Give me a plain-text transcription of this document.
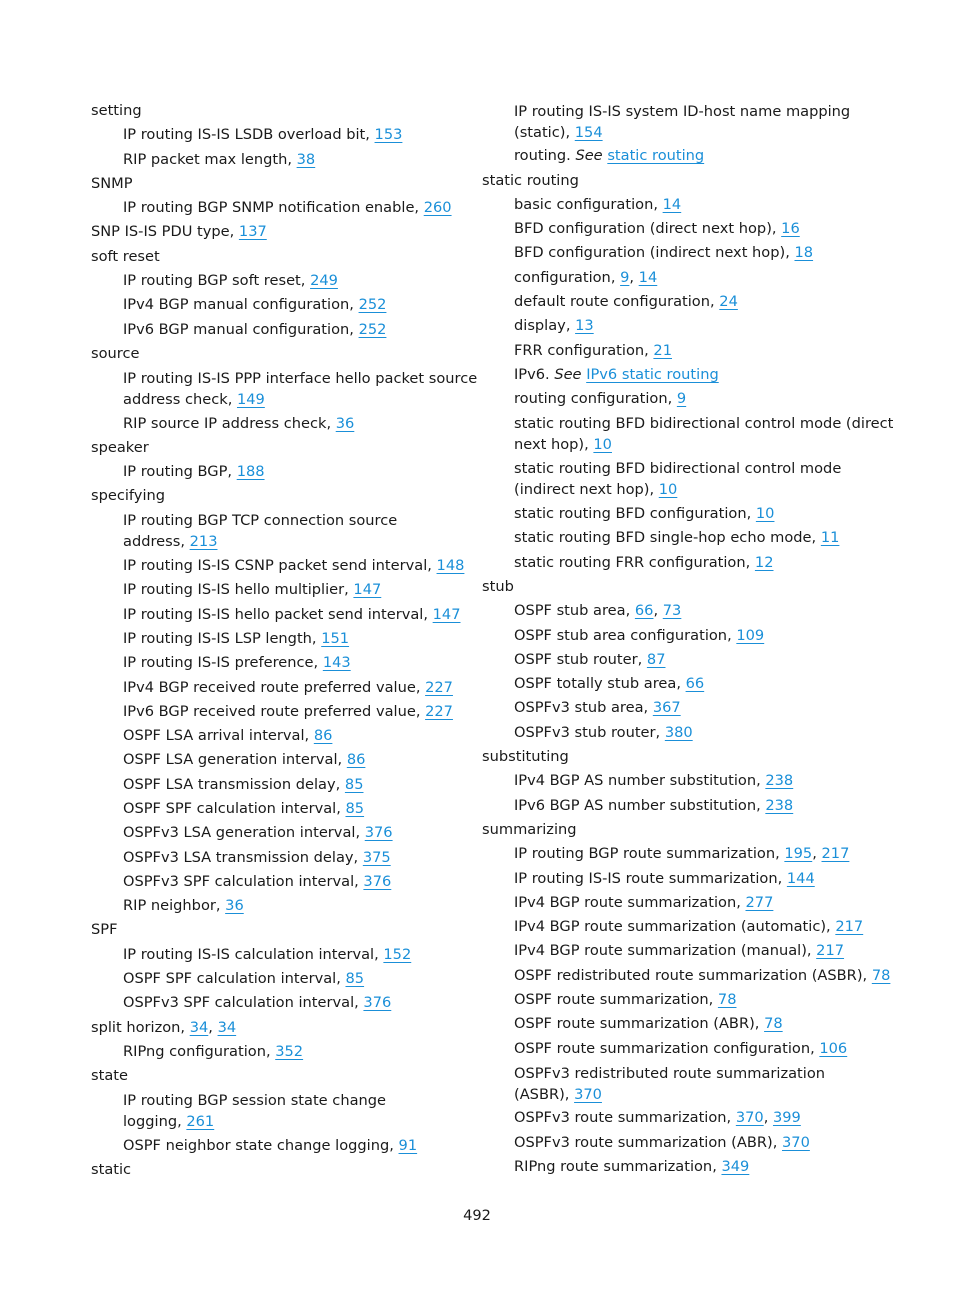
setting
IP routing IS-IS LSDB overload bit, 153
RIP packet max length, 38
SNMP
IP routing BGP SNMP notification enable, 260
SNP IS-IS PDU type, 137
soft reset
IP routing BGP soft reset, 249
IPv4 BGP manual configuration, 252
IPv6 BGP manual configuration, 252
source
IP routing IS-IS PPP interface hello packet source
address check, 149
RIP source IP address check, 36
speaker
IP routing BGP, 188
specifying
IP routing BGP TCP connection source
address, 213
IP routing IS-IS CSNP packet send interval, 148
IP routing IS-IS hello multiplier, 147
IP routing IS-IS hello packet send interval, 147
IP routing IS-IS LSP length, 151
IP routing IS-IS preference, 143
IPv4 BGP received route preferred value, 227
IPv6 BGP received route preferred value, 227
OSPF LSA arrival interval, 86
OSPF LSA generation interval, 86
OSPF LSA transmission delay, 85
OSPF SPF calculation interval, 85
OSPFv3 LSA generation interval, 376
OSPFv3 LSA transmission delay, 375
OSPFv3 SPF calculation interval, 376
RIP neighbor, 36
SPF
IP routing IS-IS calculation interval, 152
OSPF SPF calculation interval, 85
OSPFv3 SPF calculation interval, 376
split horizon, 34, 34
RIPng configuration, 352
state
IP routing BGP session state change
logging, 261
OSPF neighbor state change logging, 91
static
IP routing IS-IS system ID-host name mapping
(static), 154
routing. See static routing
static routing
basic configuration, 14
BFD configuration (direct next hop), 16
BFD configuration (indirect next hop), 18
configuration, 9, 14
default route configuration, 24
display, 13
FRR configuration, 21
IPv6. See IPv6 static routing
routing configuration, 9
static routing BFD bidirectional control mode (direct
next hop), 10
static routing BFD bidirectional control mode
(indirect next hop), 10
static routing BFD configuration, 10
static routing BFD single-hop echo mode, 11
static routing FRR configuration, 12
stub
OSPF stub area, 66, 73
OSPF stub area configuration, 109
OSPF stub router, 87
OSPF totally stub area, 66
OSPFv3 stub area, 367
OSPFv3 stub router, 380
substituting
IPv4 BGP AS number substitution, 238
IPv6 BGP AS number substitution, 238
summarizing
IP routing BGP route summarization, 195, 217
IP routing IS-IS route summarization, 144
IPv4 BGP route summarization, 277
IPv4 BGP route summarization (automatic), 217
IPv4 BGP route summarization (manual), 217
OSPF redistributed route summarization (ASBR), 78
OSPF route summarization, 78
OSPF route summarization (ABR), 78
OSPF route summarization configuration, 106
OSPFv3 redistributed route summarization
(ASBR), 370
OSPFv3 route summarization, 370, 399
OSPFv3 route summarization (ABR), 370
RIPng route summarization, 349
492
